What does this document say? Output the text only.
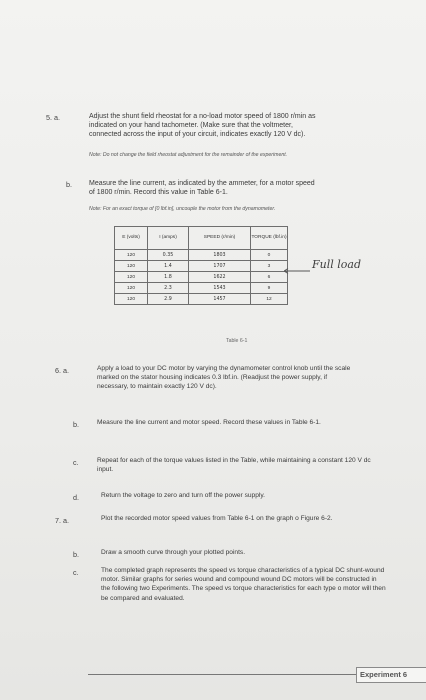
5. a.	Adjust the shunt field rheostat for a no-load motor speed of 1800 r/min as
indicated on your hand tachometer. (Make sure that the voltmeter,
connected across the input of your circuit, indicates exactly 120 V dc).
Note: Do not change the field rheostat adjustment for the remainder of the experiment.
b. Measure the line current, as indicated by the ammeter, for a motor speed
of 1800 r/min. Record this value in Table 6-1.
Note: For an exact torque of [0 lbf.in], uncouple the motor from the dynamometer.
E (volts)	I (amps)	SPEED (r/min)	TORQUE (lbf.in)
120	0.35	1803	0
120	1.4	1707	3
120	1.8	1622	6
120	2.3	1543	9
120	2.9	1457	12
Full load
Table 6-1
6. a.	Apply a load to your DC motor by varying the dynamometer control knob until the scale marked on the stator housing indicates 0.3 lbf.in. (Readjust the power supply, if necessary, to maintain exactly 120 V dc).
b.	Measure the line current and motor speed. Record these values in Table 6-1.
c.	Repeat for each of the torque values listed in the Table, while maintaining a constant 120 V dc input.
d.	Return the voltage to zero and turn off the power supply.
7. a.	Plot the recorded motor speed values from Table 6-1 on the graph o Figure 6-2.
b.	Draw a smooth curve through your plotted points.
c.	The completed graph represents the speed vs torque characteristics of a typical DC shunt-wound motor. Similar graphs for series wound and compound wound DC motors will be constructed in the following two Experiments. The speed vs torque characteristics for each type o motor will then be compared and evaluated.
Experiment 6
